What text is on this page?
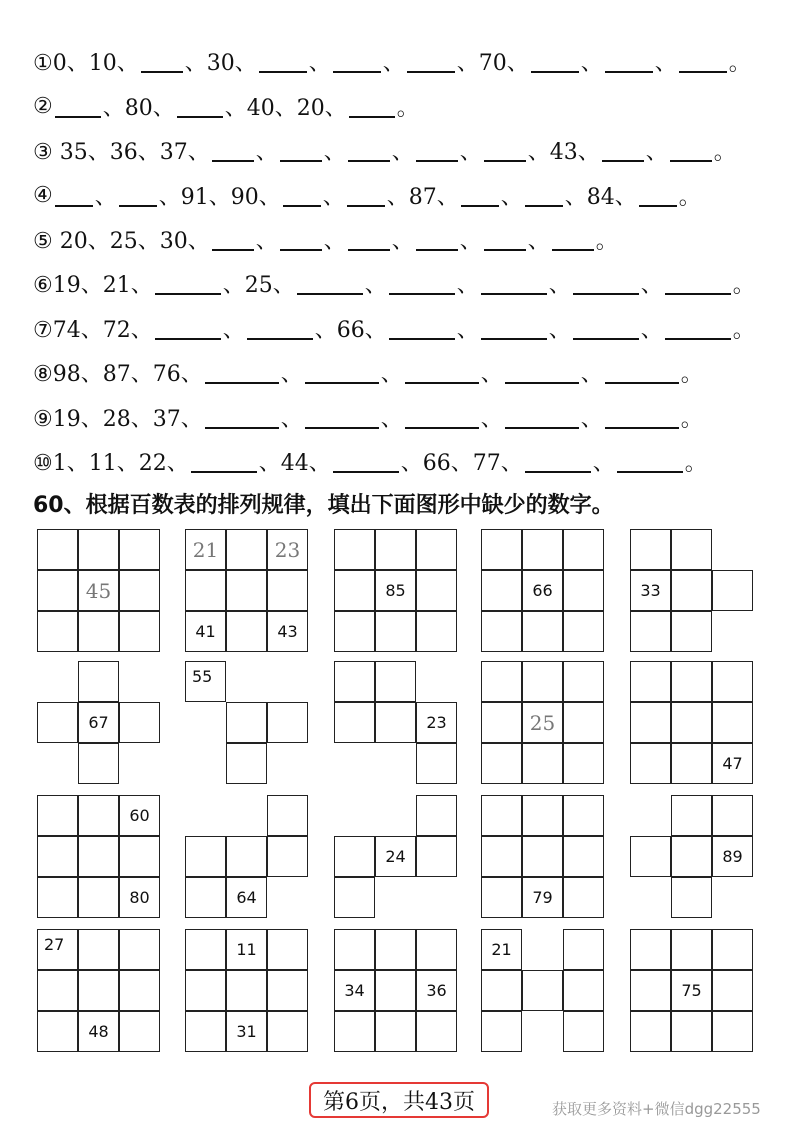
①0、10、 、30、 、 、 、70、 、 、 。
② 、80、 、40、20、 。
③ 35、36、37、 、 、 、 、 、43、 、 。
④ 、 、91、90、 、 、87、 、 、84、 。
⑤ 20、25、30、 、 、 、 、 、 。
⑥19、21、	、25、	、	、	、	、	。
⑦74、72、	、	、66、	、	、	、	。
⑧98、87、76、	、	、	、	、	。
⑨19、28、37、	、	、	、	、	。
⑩1、11、22、	、44、	、66、77、	、	。
60、根据百数表的排列规律，填出下面图形中缺少的数字。
45
21	23
41	43
85	66	33
67
55
23	25
47
60
80	64
24
79
89
27
48
11
31
34	36
21
75
第6页，共43页	获取更多资料+微信dgg22555
